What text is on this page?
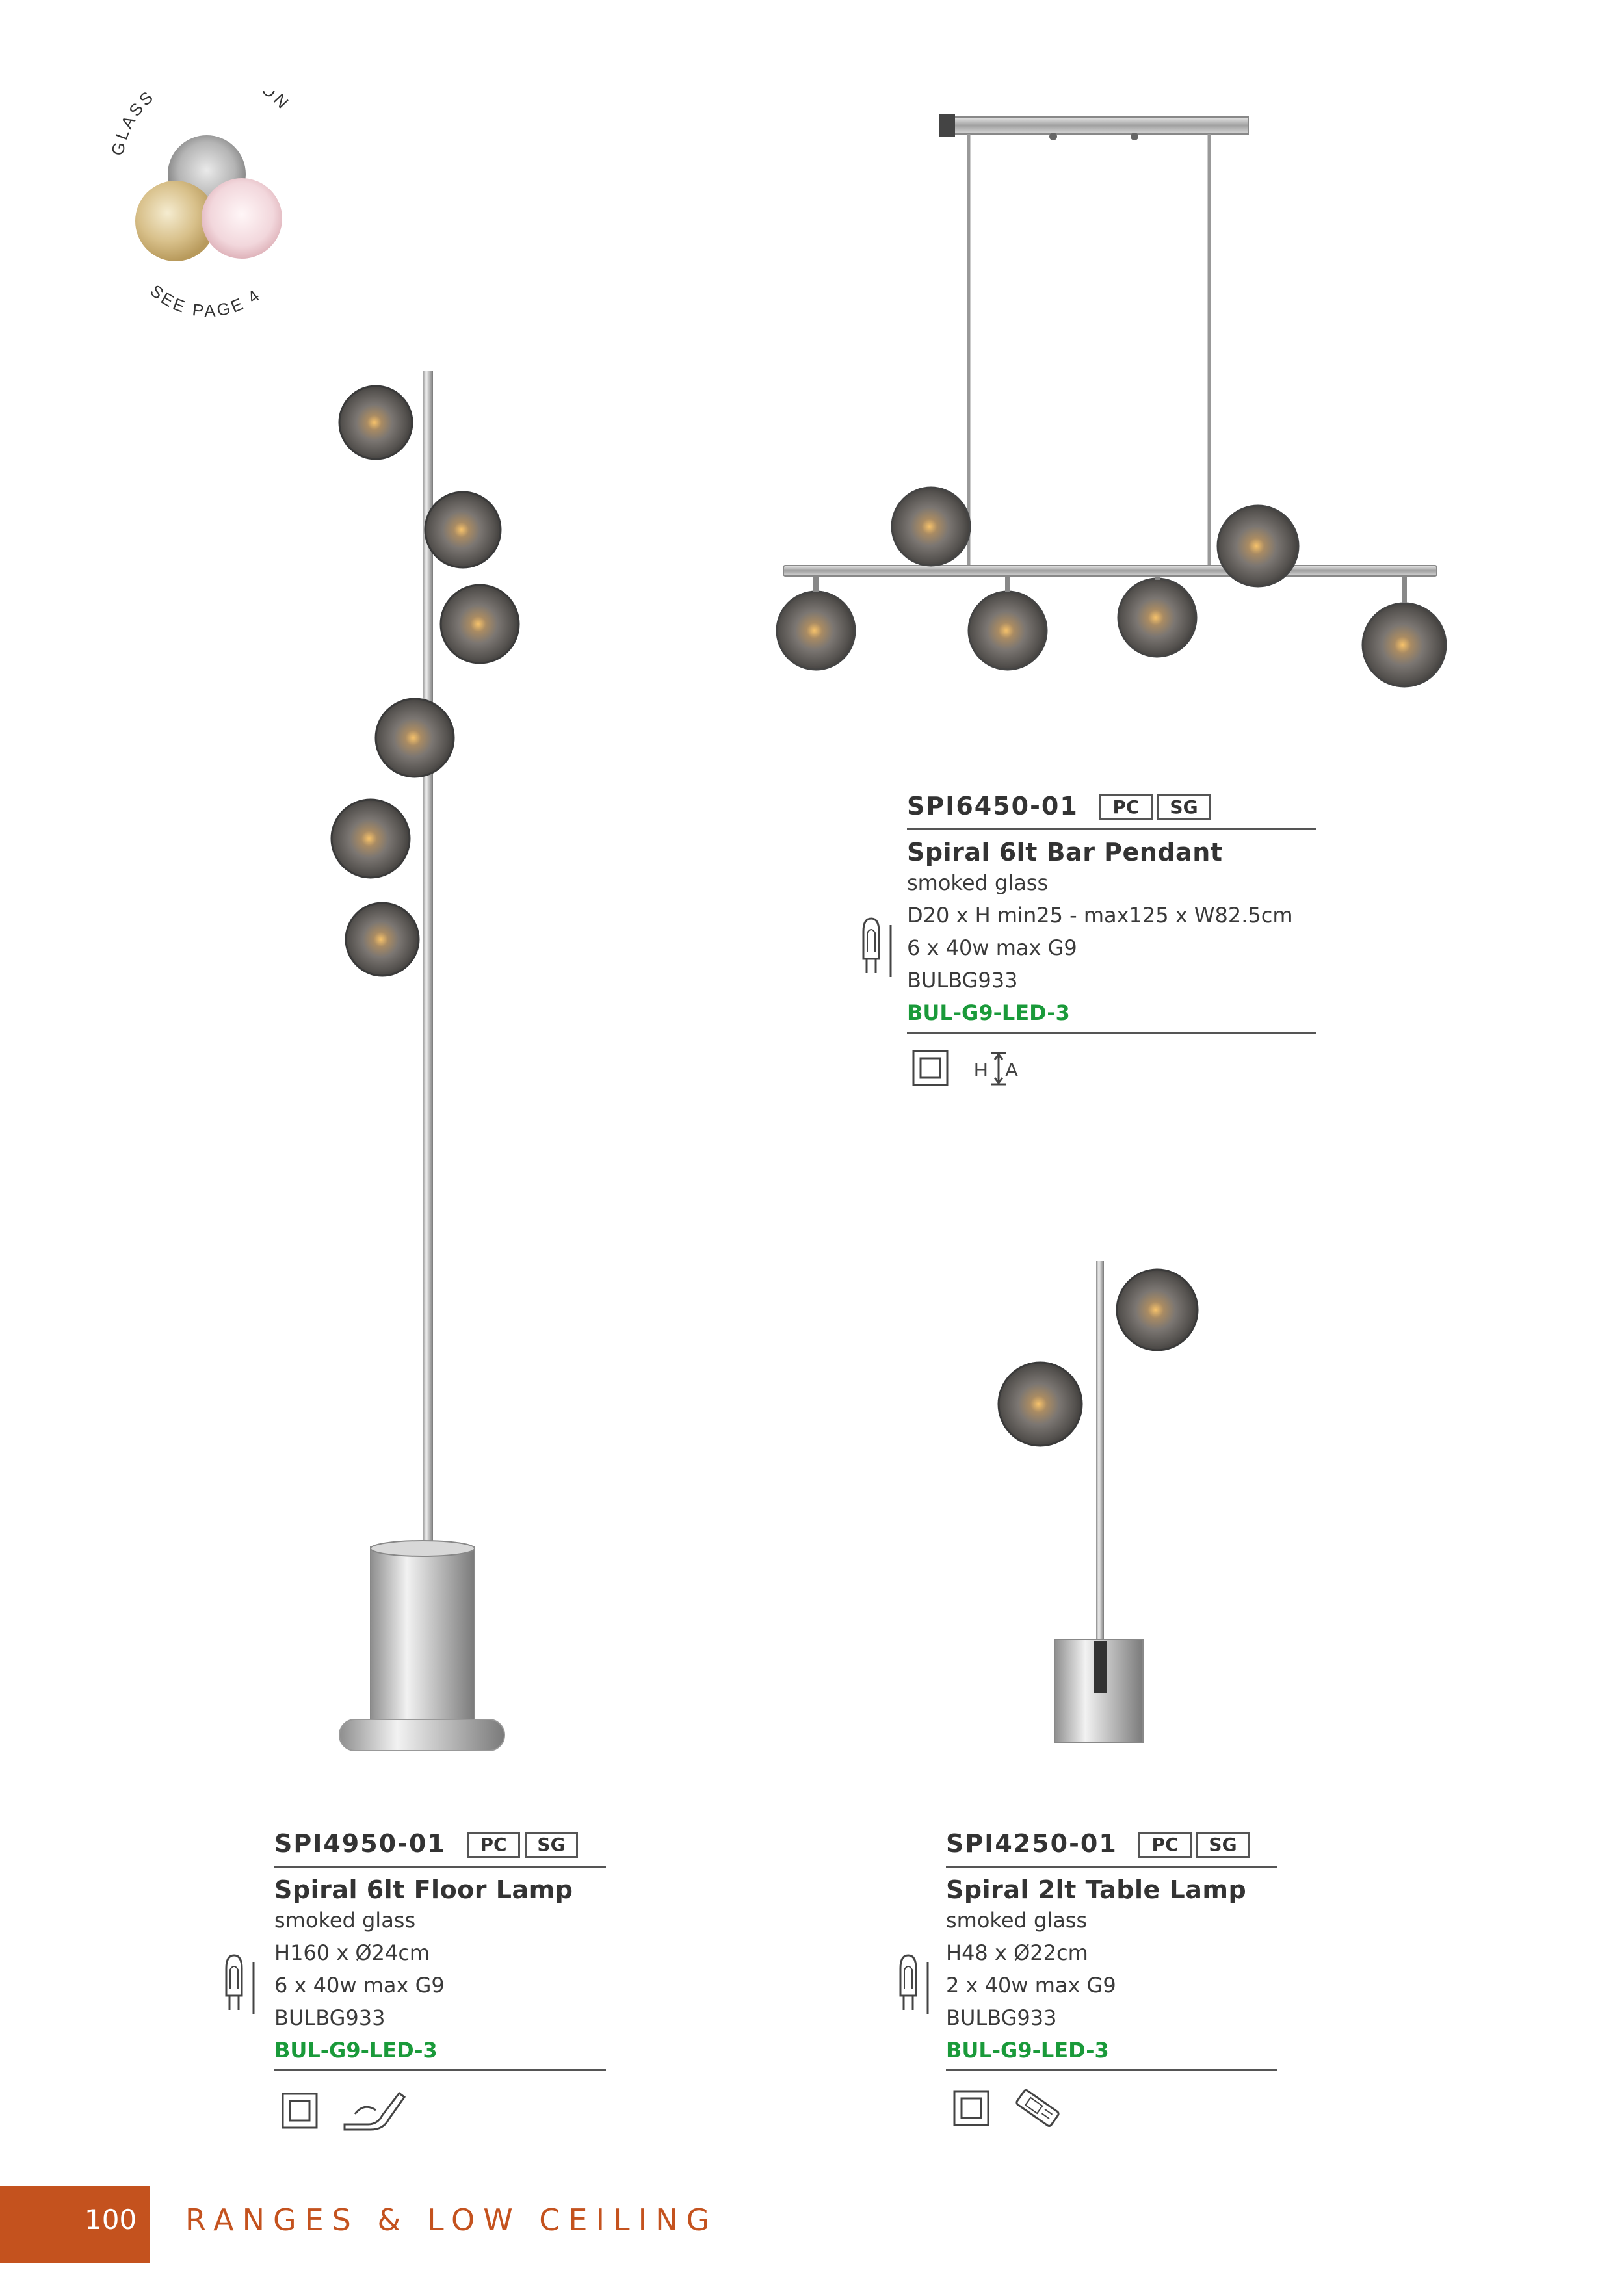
GLASS ON
SEE PAGE 4
SPI6450-01	PC	SG
Spiral 6lt Bar Pendant
smoked glass
D20 x H min25 - max125 x W82.5cm
6 x 40w max G9
BULBG933
BUL-G9-LED-3
H A
SPI4950-01	PC	SG
Spiral 6lt Floor Lamp
smoked glass
H160 x Ø24cm
6 x 40w max G9
BULBG933
BUL-G9-LED-3
SPI4250-01	PC	SG
Spiral 2lt Table Lamp
smoked glass
H48 x Ø22cm
2 x 40w max G9
BULBG933
BUL-G9-LED-3
100 RANGES & LOW CEILING
